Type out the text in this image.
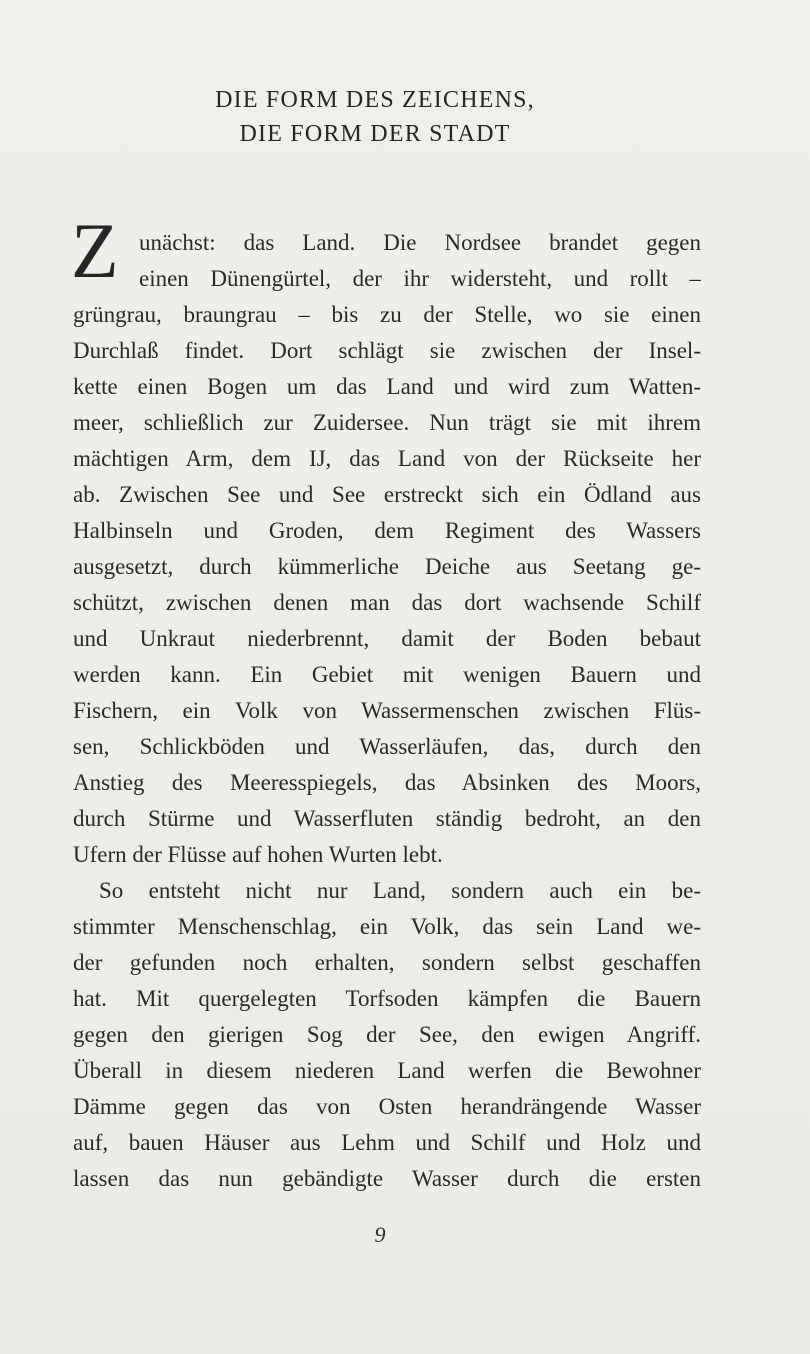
DIE FORM DES ZEICHENS,
DIE FORM DER STADT
Z unächst: das Land. Die Nordsee brandet gegen
einen Dünengürtel, der ihr widersteht, und rollt –
grüngrau, braungrau – bis zu der Stelle, wo sie einen
Durchlaß findet. Dort schlägt sie zwischen der Insel-
kette einen Bogen um das Land und wird zum Watten-
meer, schließlich zur Zuidersee. Nun trägt sie mit ihrem
mächtigen Arm, dem IJ, das Land von der Rückseite her
ab. Zwischen See und See erstreckt sich ein Ödland aus
Halbinseln und Groden, dem Regiment des Wassers
ausgesetzt, durch kümmerliche Deiche aus Seetang ge-
schützt, zwischen denen man das dort wachsende Schilf
und Unkraut niederbrennt, damit der Boden bebaut
werden kann. Ein Gebiet mit wenigen Bauern und
Fischern, ein Volk von Wassermenschen zwischen Flüs-
sen, Schlickböden und Wasserläufen, das, durch den
Anstieg des Meeresspiegels, das Absinken des Moors,
durch Stürme und Wasserfluten ständig bedroht, an den
Ufern der Flüsse auf hohen Wurten lebt.
So entsteht nicht nur Land, sondern auch ein be-
stimmter Menschenschlag, ein Volk, das sein Land we-
der gefunden noch erhalten, sondern selbst geschaffen
hat. Mit quergelegten Torfsoden kämpfen die Bauern
gegen den gierigen Sog der See, den ewigen Angriff.
Überall in diesem niederen Land werfen die Bewohner
Dämme gegen das von Osten herandrängende Wasser
auf, bauen Häuser aus Lehm und Schilf und Holz und
lassen das nun gebändigte Wasser durch die ersten
9
